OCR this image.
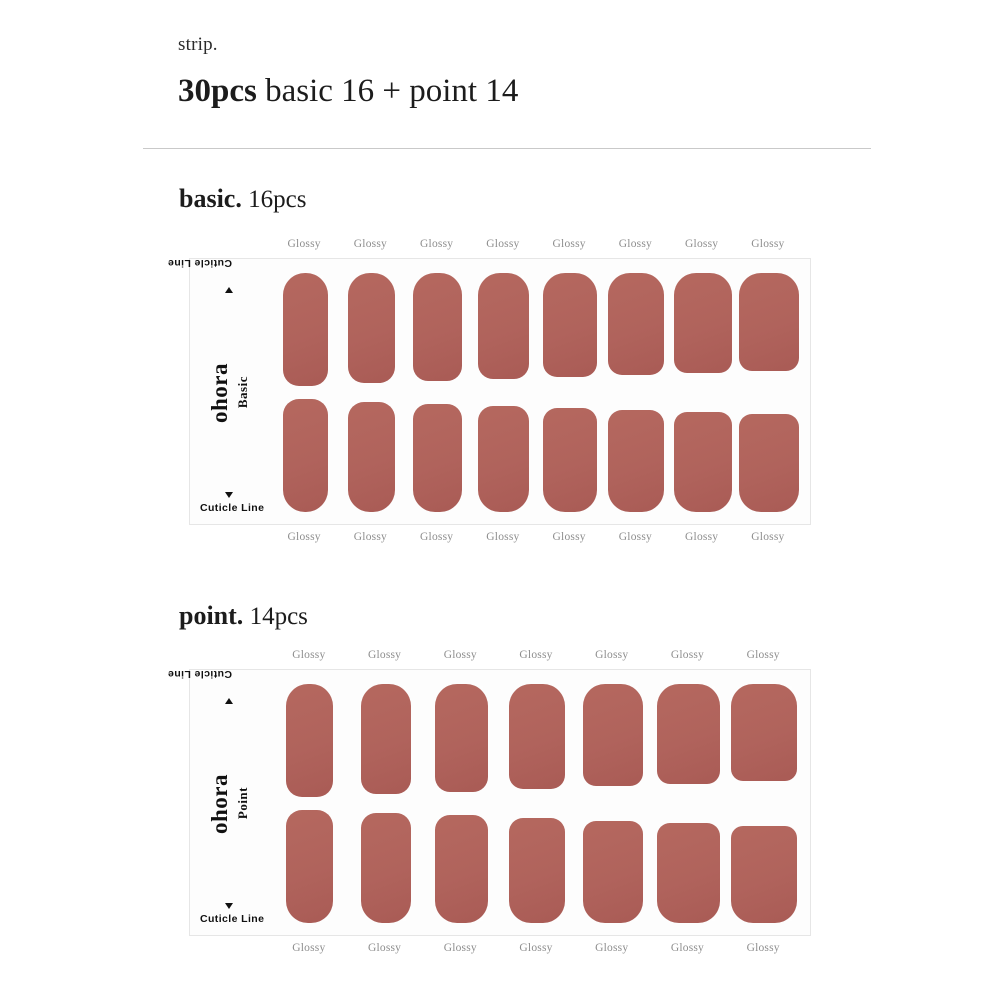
strip.
30pcs basic 16 + point 14
basic. 16pcs
Glossy	Glossy	Glossy	Glossy	Glossy	Glossy	Glossy	Glossy
Cuticle Line
ohora Basic
Cuticle Line
Glossy	Glossy	Glossy	Glossy	Glossy	Glossy	Glossy	Glossy
point. 14pcs
Glossy	Glossy	Glossy	Glossy	Glossy	Glossy	Glossy
Cuticle Line
ohora Point
Cuticle Line
Glossy	Glossy	Glossy	Glossy	Glossy	Glossy	Glossy
